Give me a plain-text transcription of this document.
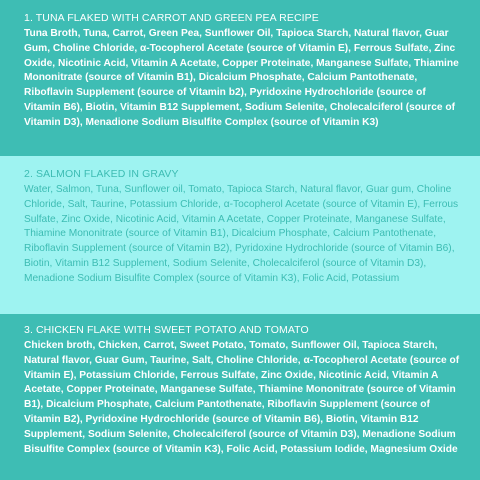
1. TUNA FLAKED WITH CARROT AND GREEN PEA RECIPE

Tuna Broth, Tuna, Carrot, Green Pea, Sunflower Oil, Tapioca Starch, Natural flavor, Guar Gum, Choline Chloride, α-Tocopherol Acetate (source of Vitamin E), Ferrous Sulfate, Zinc Oxide, Nicotinic Acid, Vitamin A Acetate, Copper Proteinate, Manganese Sulfate, Thiamine Mononitrate (source of Vitamin B1), Dicalcium Phosphate, Calcium Pantothenate, Riboflavin Supplement (source of Vitamin b2), Pyridoxine Hydrochloride (source of Vitamin B6), Biotin, Vitamin B12 Supplement, Sodium Selenite, Cholecalciferol (source of Vitamin D3), Menadione Sodium Bisulfite Complex (source of Vitamin K3)

2. SALMON FLAKED IN GRAVY

Water, Salmon, Tuna, Sunflower oil, Tomato, Tapioca Starch, Natural flavor, Guar gum, Choline Chloride, Salt, Taurine, Potassium Chloride, α-Tocopherol Acetate (source of Vitamin E), Ferrous Sulfate, Zinc Oxide, Nicotinic Acid, Vitamin A Acetate, Copper Proteinate, Manganese Sulfate, Thiamine Mononitrate (source of Vitamin B1), Dicalcium Phosphate, Calcium Pantothenate, Riboflavin Supplement (source of Vitamin B2), Pyridoxine Hydrochloride (source of Vitamin B6), Biotin, Vitamin B12 Supplement, Sodium Selenite, Cholecalciferol (source of Vitamin D3), Menadione Sodium Bisulfite Complex (source of Vitamin K3), Folic Acid, Potassium

3. CHICKEN FLAKE WITH SWEET POTATO AND TOMATO

Chicken broth, Chicken, Carrot, Sweet Potato, Tomato, Sunflower Oil, Tapioca Starch, Natural flavor, Guar Gum, Taurine, Salt, Choline Chloride, α-Tocopherol Acetate (source of Vitamin E), Potassium Chloride, Ferrous Sulfate, Zinc Oxide, Nicotinic Acid, Vitamin A Acetate, Copper Proteinate, Manganese Sulfate, Thiamine Mononitrate (source of Vitamin B1), Dicalcium Phosphate, Calcium Pantothenate, Riboflavin Supplement (source of Vitamin B2), Pyridoxine Hydrochloride (source of Vitamin B6), Biotin, Vitamin B12 Supplement, Sodium Selenite, Cholecalciferol (source of Vitamin D3), Menadione Sodium Bisulfite Complex (source of Vitamin K3), Folic Acid, Potassium Iodide, Magnesium Oxide
